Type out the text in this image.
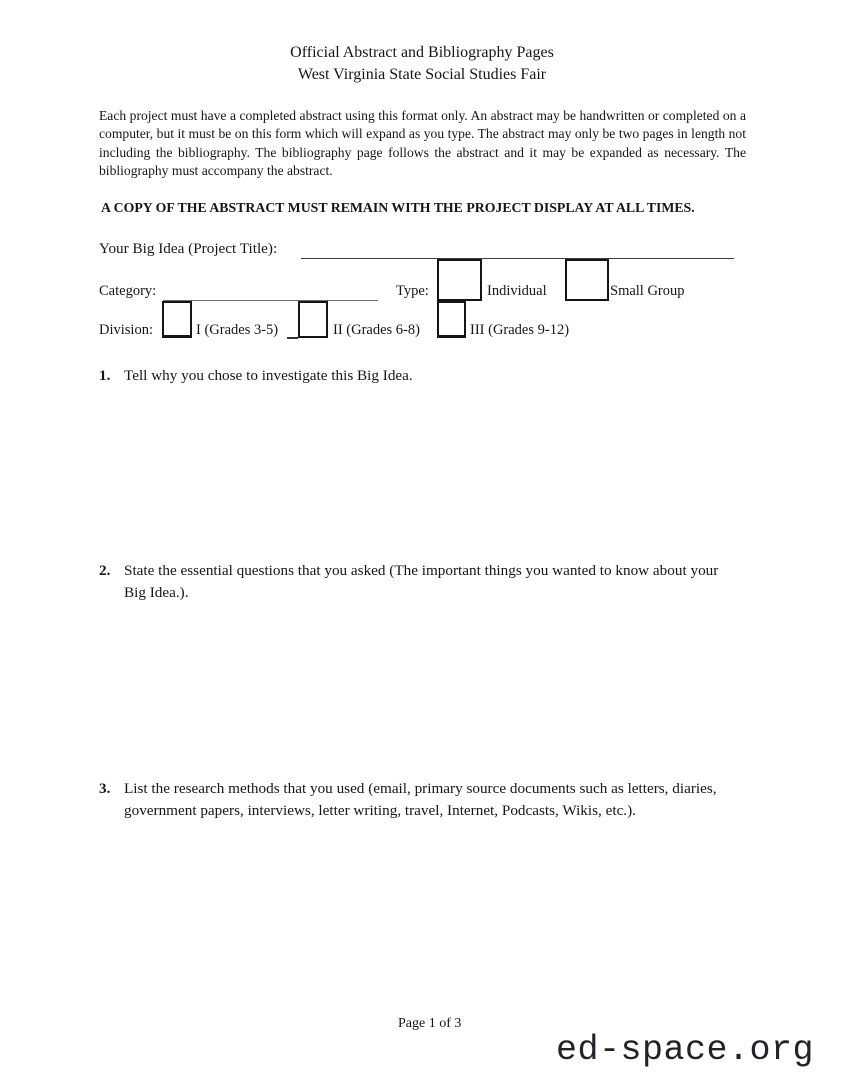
Official Abstract and Bibliography Pages
West Virginia State Social Studies Fair

Each project must have a completed abstract using this format only. An abstract may be handwritten or completed on a computer, but it must be on this form which will expand as you type. The abstract may only be two pages in length not including the bibliography. The bibliography page follows the abstract and it may be expanded as necessary. The bibliography must accompany the abstract.

A COPY OF THE ABSTRACT MUST REMAIN WITH THE PROJECT DISPLAY AT ALL TIMES.
Your Big Idea (Project Title):
Category:	Type:	Individual	Small Group
Division:	I (Grades 3-5)	II (Grades 6-8)	III (Grades 9-12)
1. Tell why you chose to investigate this Big Idea.
2. State the essential questions that you asked (The important things you wanted to know about your Big Idea.).
3. List the research methods that you used (email, primary source documents such as letters, diaries, government papers, interviews, letter writing, travel, Internet, Podcasts, Wikis, etc.).
Page 1 of 3
ed-space.org
